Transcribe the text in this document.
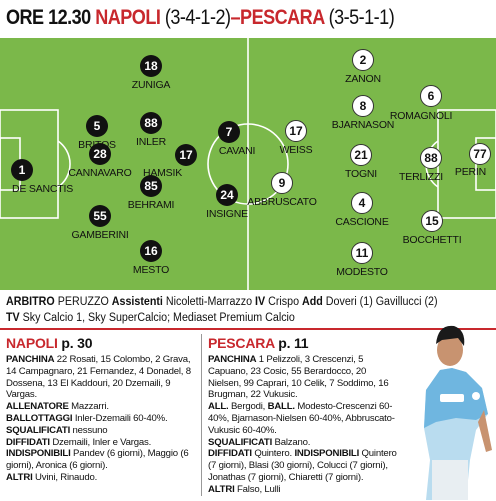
ORE 12.30 NAPOLI (3-4-1-2)–PESCARA (3-5-1-1)
1
DE SANCTIS
28
CANNAVARO
5
BRITOS
55
GAMBERINI
18
ZUNIGA
88
INLER
85
BEHRAMI
16
MESTO
17
HAMSIK
7
CAVANI
24
INSIGNE
77
PERIN
6
ROMAGNOLI
88
TERLIZZI
15
BOCCHETTI
2
ZANON
8
BJARNASON
21
TOGNI
4
CASCIONE
11
MODESTO
9
ABBRUSCATO
17
WEISS
ARBITRO PERUZZO Assistenti Nicoletti-Marrazzo IV Crispo Add Doveri (1) Gavillucci (2)
TV Sky Calcio 1, Sky SuperCalcio; Mediaset Premium Calcio
NAPOLI p. 30
PANCHINA 22 Rosati, 15 Colombo, 2 Grava, 14 Campagnaro, 21 Fernandez, 4 Donadel, 8 Dossena, 13 El Kaddouri, 20 Dzemaili, 9 Vargas.
ALLENATORE Mazzarri.
BALLOTTAGGI Inler-Dzemaili 60-40%.
SQUALIFICATI nessuno
DIFFIDATI Dzemaili, Inler e Vargas.
INDISPONIBILI Pandev (6 giorni), Maggio (6 giorni), Aronica (6 giorni).
ALTRI Uvini, Rinaudo.
PESCARA p. 11
PANCHINA 1 Pelizzoli, 3 Crescenzi, 5 Capuano, 23 Cosic, 55 Berardocco, 20 Nielsen, 99 Caprari, 10 Celik, 7 Soddimo, 16 Brugman, 22 Vukusic.
ALL. Bergodi, BALL. Modesto-Crescenzi 60-40%, Bjarnason-Nielsen 60-40%, Abbruscato-Vukusic 60-40%.
SQUALIFICATI Balzano.
DIFFIDATI Quintero. INDISPONIBILI Quintero (7 giorni), Blasi (30 giorni), Colucci (7 giorni), Jonathas (7 giorni), Chiaretti (7 giorni).
ALTRI Falso, Lulli
